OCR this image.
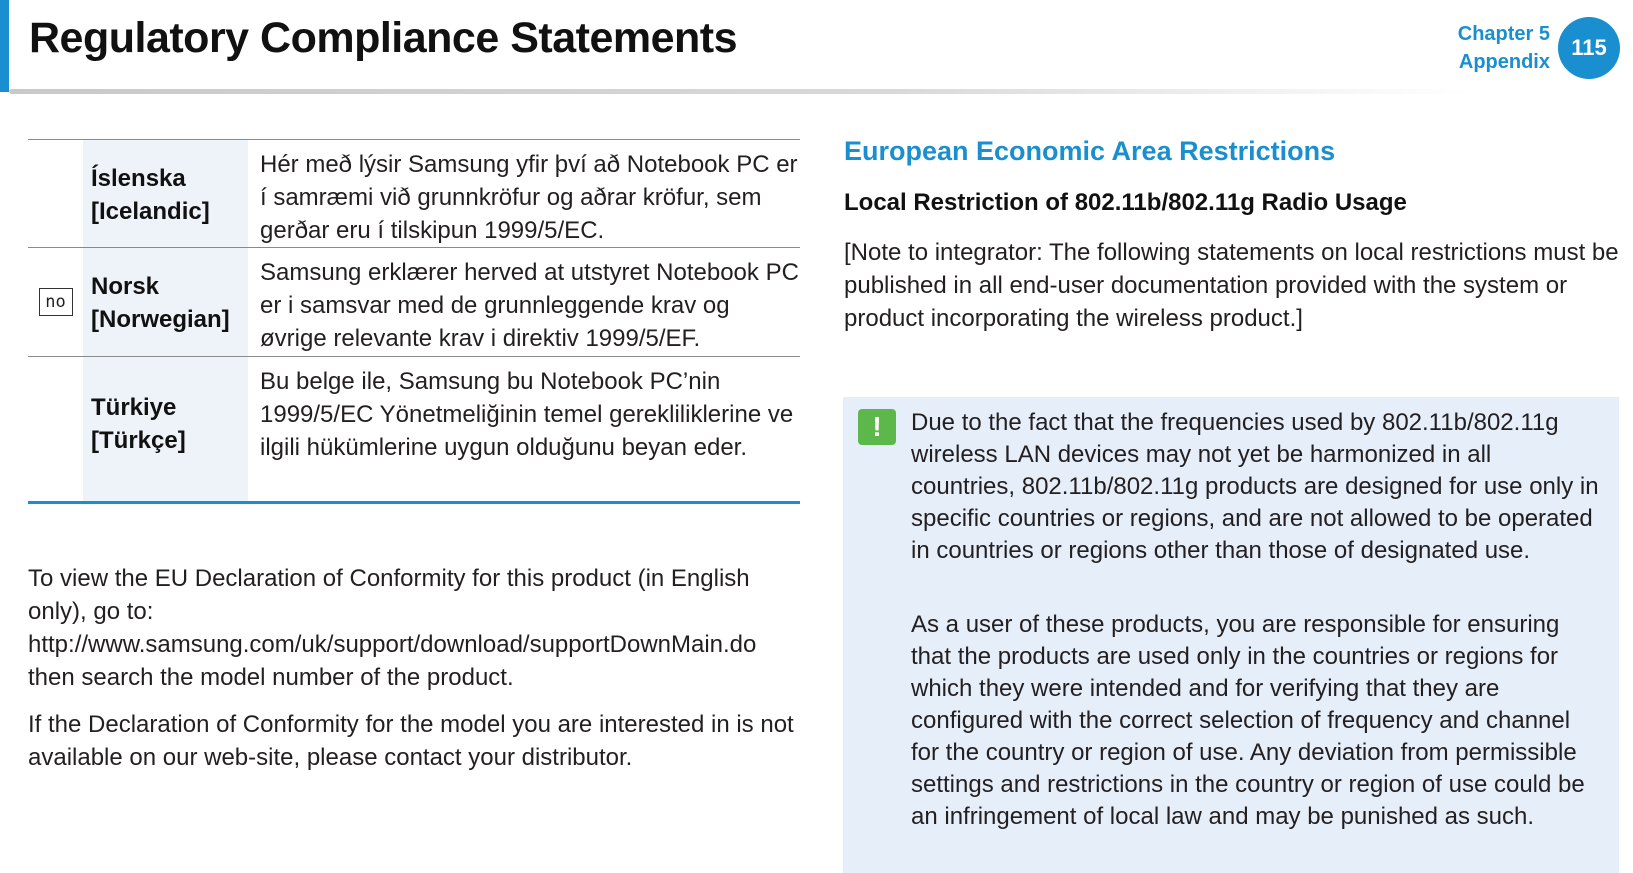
Regulatory Compliance Statements	Chapter 5
Appendix
115
Íslenska [Icelandic]
Hér með lýsir Samsung yfir því að Notebook PC er í samræmi við grunnkröfur og aðrar kröfur, sem gerðar eru í tilskipun 1999/5/EC.
no
Norsk [Norwegian]
Samsung erklærer herved at utstyret Notebook PC er i samsvar med de grunnleggende krav og øvrige relevante krav i direktiv 1999/5/EF.
Türkiye [Türkçe]
Bu belge ile, Samsung bu Notebook PC’nin 1999/5/EC Yönetmeliğinin temel gerekliliklerine ve ilgili hükümlerine uygun olduğunu beyan eder.

To view the EU Declaration of Conformity for this product (in English only), go to: http://www.samsung.com/uk/support/download/supportDownMain.do then search the model number of the product.

If the Declaration of Conformity for the model you are interested in is not available on our web-site, please contact your distributor.

European Economic Area Restrictions
Local Restriction of 802.11b/802.11g Radio Usage

[Note to integrator: The following statements on local restrictions must be published in all end-user documentation provided with the system or product incorporating the wireless product.]

!	Due to the fact that the frequencies used by 802.11b/802.11g wireless LAN devices may not yet be harmonized in all countries, 802.11b/802.11g products are designed for use only in specific countries or regions, and are not allowed to be operated in countries or regions other than those of designated use.

As a user of these products, you are responsible for ensuring that the products are used only in the countries or regions for which they were intended and for verifying that they are configured with the correct selection of frequency and channel for the country or region of use. Any deviation from permissible settings and restrictions in the country or region of use could be an infringement of local law and may be punished as such.
